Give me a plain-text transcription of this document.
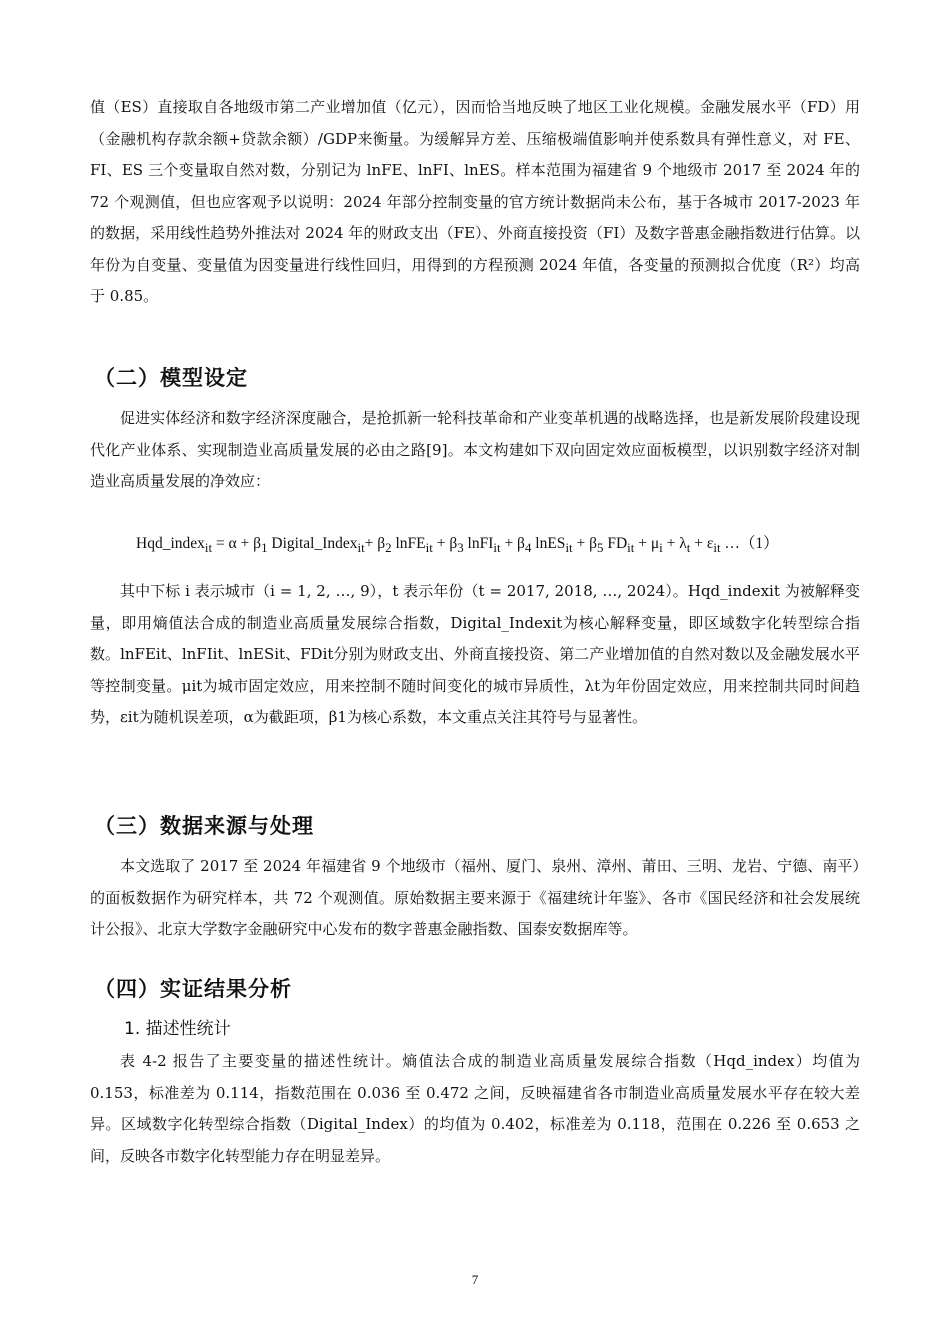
值（ES）直接取自各地级市第二产业增加值（亿元），因而恰当地反映了地区工业化规模。金融发展水平（FD）用（金融机构存款余额+贷款余额）/GDP来衡量。为缓解异方差、压缩极端值影响并使系数具有弹性意义，对 FE、FI、ES 三个变量取自然对数，分别记为 lnFE、lnFI、lnES。样本范围为福建省 9 个地级市 2017 至 2024 年的 72 个观测值，但也应客观予以说明：2024 年部分控制变量的官方统计数据尚未公布，基于各城市 2017-2023 年的数据，采用线性趋势外推法对 2024 年的财政支出（FE）、外商直接投资（FI）及数字普惠金融指数进行估算。以年份为自变量、变量值为因变量进行线性回归，用得到的方程预测 2024 年值，各变量的预测拟合优度（R²）均高于 0.85。

（二）模型设定

促进实体经济和数字经济深度融合，是抢抓新一轮科技革命和产业变革机遇的战略选择，也是新发展阶段建设现代化产业体系、实现制造业高质量发展的必由之路[9]。本文构建如下双向固定效应面板模型，以识别数字经济对制造业高质量发展的净效应：

Hqd_index$_{it}$ = $\alpha + \beta_1$ Digital_Index$_{it}$+ $\beta_2$ lnFE$_{it}$ + $\beta_3$ lnFI$_{it}$ + $\beta_4$ lnES$_{it}$ + $\beta_5$ $FD_{it} + \mu_i + \lambda_t + \varepsilon_{it}$ …（1）

其中下标 i 表示城市（i = 1, 2, …, 9），t 表示年份（t = 2017, 2018, …, 2024）。Hqd_indexit 为被解释变量，即用熵值法合成的制造业高质量发展综合指数，Digital_Indexit为核心解释变量，即区域数字化转型综合指数。lnFEit、lnFIit、lnESit、FDit分别为财政支出、外商直接投资、第二产业增加值的自然对数以及金融发展水平等控制变量。μit为城市固定效应，用来控制不随时间变化的城市异质性，λt为年份固定效应，用来控制共同时间趋势，εit为随机误差项，α为截距项，β1为核心系数，本文重点关注其符号与显著性。

（三）数据来源与处理

本文选取了 2017 至 2024 年福建省 9 个地级市（福州、厦门、泉州、漳州、莆田、三明、龙岩、宁德、南平）的面板数据作为研究样本，共 72 个观测值。原始数据主要来源于《福建统计年鉴》、各市《国民经济和社会发展统计公报》、北京大学数字金融研究中心发布的数字普惠金融指数、国泰安数据库等。

（四）实证结果分析
1. 描述性统计

表 4-2 报告了主要变量的描述性统计。熵值法合成的制造业高质量发展综合指数（Hqd_index）均值为 0.153，标准差为 0.114，指数范围在 0.036 至 0.472 之间，反映福建省各市制造业高质量发展水平存在较大差异。区域数字化转型综合指数（Digital_Index）的均值为 0.402，标准差为 0.118，范围在 0.226 至 0.653 之间，反映各市数字化转型能力存在明显差异。

7
